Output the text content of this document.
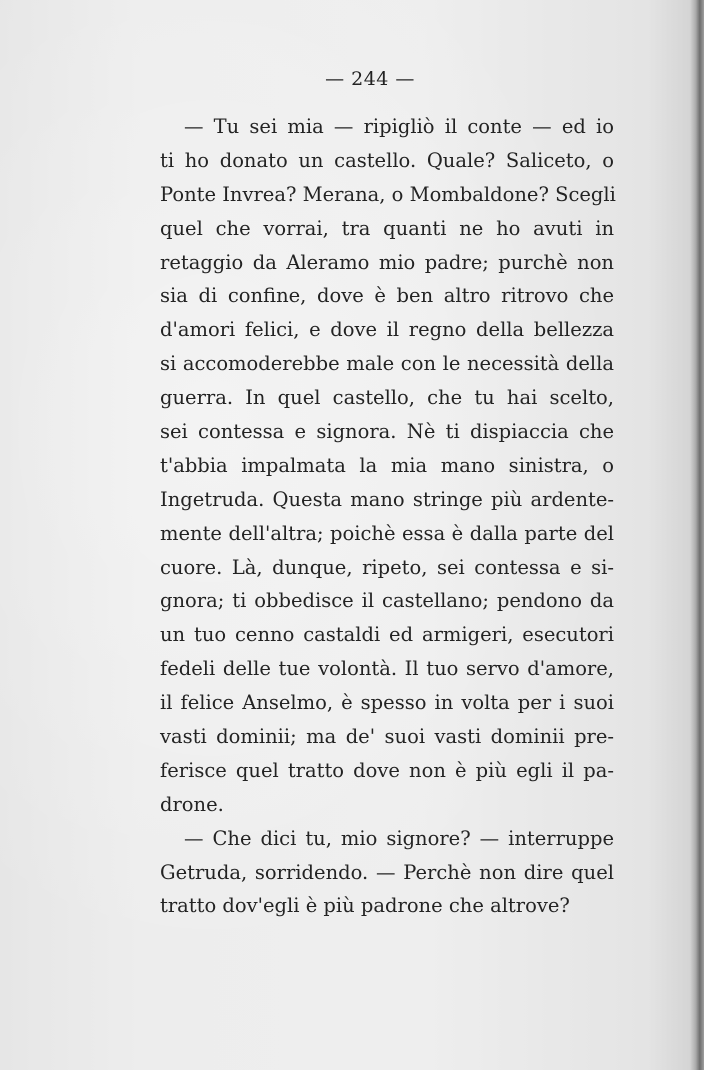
— 244 —
— Tu sei mia — ripigliò il conte — ed io
ti ho donato un castello. Quale? Saliceto, o
Ponte Invrea? Merana, o Mombaldone? Scegli
quel che vorrai, tra quanti ne ho avuti in
retaggio da Aleramo mio padre; purchè non
sia di confine, dove è ben altro ritrovo che
d'amori felici, e dove il regno della bellezza
si accomoderebbe male con le necessità della
guerra. In quel castello, che tu hai scelto,
sei contessa e signora. Nè ti dispiaccia che
t'abbia impalmata la mia mano sinistra, o
Ingetruda. Questa mano stringe più ardente-
mente dell'altra; poichè essa è dalla parte del
cuore. Là, dunque, ripeto, sei contessa e si-
gnora; ti obbedisce il castellano; pendono da
un tuo cenno castaldi ed armigeri, esecutori
fedeli delle tue volontà. Il tuo servo d'amore,
il felice Anselmo, è spesso in volta per i suoi
vasti dominii; ma de' suoi vasti dominii pre-
ferisce quel tratto dove non è più egli il pa-
drone.
— Che dici tu, mio signore? — interruppe
Getruda, sorridendo. — Perchè non dire quel
tratto dov'egli è più padrone che altrove?
